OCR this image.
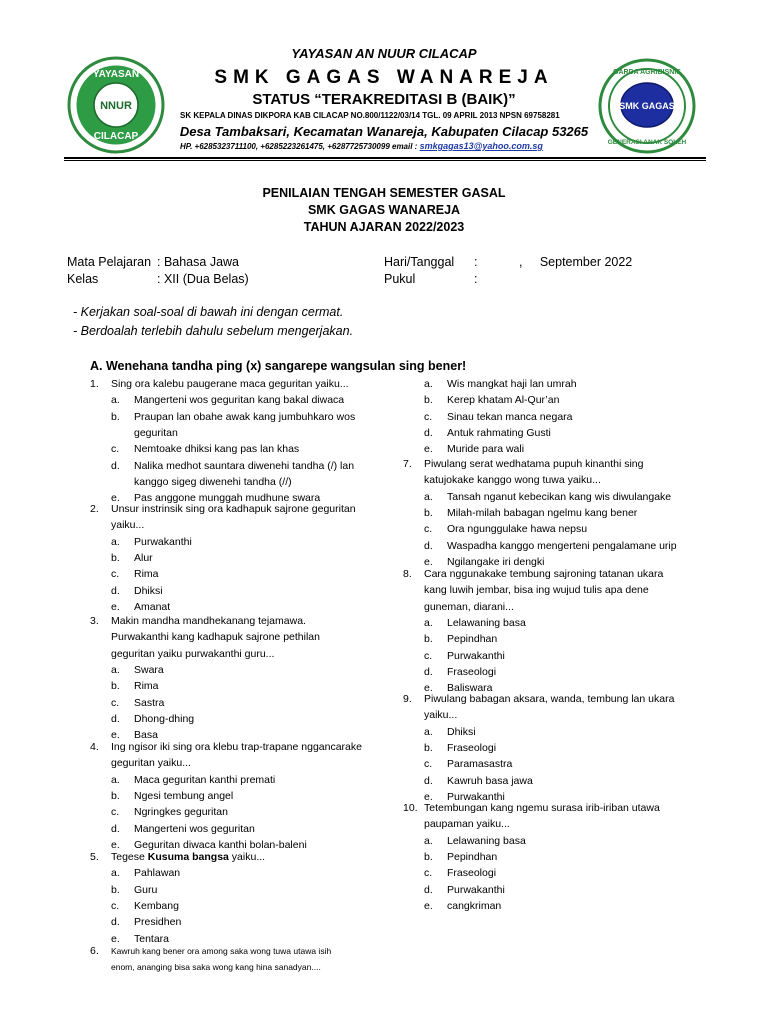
YAYASAN
NNUR
CILACAP
GARDA AGRIBISNIS
SMK GAGAS
GENERASI ANAK SOLEH
YAYASAN AN NUUR CILACAP
SMK GAGAS WANAREJA
STATUS “TERAKREDITASI B (BAIK)”
SK KEPALA DINAS DIKPORA KAB CILACAP NO.800/1122/03/14 TGL. 09 APRIL 2013 NPSN 69758281
Desa Tambaksari, Kecamatan Wanareja, Kabupaten Cilacap 53265
HP. +6285323711100, +6285223261475, +6287725730099 email : smkgagas13@yahoo.com.sg
PENILAIAN TENGAH SEMESTER GASAL
SMK GAGAS WANAREJA
TAHUN AJARAN 2022/2023
Mata Pelajaran : Bahasa Jawa
Kelas	: XII (Dua Belas)
Hari/Tanggal :	,     September 2022
Pukul	:
- Kerjakan soal-soal di bawah ini dengan cermat.
- Berdoalah terlebih dahulu sebelum mengerjakan.
A. Wenehana tandha ping (x) sangarepe wangsulan sing bener!
1. Sing ora kalebu paugerane maca geguritan yaiku...
a. Mangerteni wos geguritan kang bakal diwaca
b. Praupan lan obahe awak kang jumbuhkaro wos
geguritan
c. Nemtoake dhiksi kang pas lan khas
d. Nalika medhot sauntara diwenehi tandha (/) lan
kanggo sigeg diwenehi tandha (//)
e. Pas anggone munggah mudhune swara
2. Unsur instrinsik sing ora kadhapuk sajrone geguritan
yaiku...
a. Purwakanthi
b. Alur
c. Rima
d. Dhiksi
e. Amanat
3. Makin mandha mandhekanang tejamawa.
Purwakanthi kang kadhapuk sajrone pethilan
geguritan yaiku purwakanthi guru...
a. Swara
b. Rima
c. Sastra
d. Dhong-dhing
e. Basa
4. Ing ngisor iki sing ora klebu trap-trapane nggancarake
geguritan yaiku...
a. Maca geguritan kanthi premati
b. Ngesi tembung angel
c. Ngringkes geguritan
d. Mangerteni wos geguritan
e. Geguritan diwaca kanthi bolan-baleni
5. Tegese Kusuma bangsa yaiku...
a. Pahlawan
b. Guru
c. Kembang
d. Presidhen
e. Tentara
6. Kawruh kang bener ora among saka wong tuwa utawa isih
enom, ananging bisa saka wong kang hina sanadyan....
a. Wis mangkat haji lan umrah
b. Kerep khatam Al-Qur’an
c. Sinau tekan manca negara
d. Antuk rahmating Gusti
e. Muride para wali
7. Piwulang serat wedhatama pupuh kinanthi sing
katujokake kanggo wong tuwa yaiku...
a. Tansah nganut kebecikan kang wis diwulangake
b. Milah-milah babagan ngelmu kang bener
c. Ora ngunggulake hawa nepsu
d. Waspadha kanggo mengerteni pengalamane urip
e. Ngilangake iri dengki
8. Cara nggunakake tembung sajroning tatanan ukara
kang luwih jembar, bisa ing wujud tulis apa dene
guneman, diarani...
a. Lelawaning basa
b. Pepindhan
c. Purwakanthi
d. Fraseologi
e. Baliswara
9. Piwulang babagan aksara, wanda, tembung lan ukara
yaiku...
a. Dhiksi
b. Fraseologi
c. Paramasastra
d. Kawruh basa jawa
e. Purwakanthi
10. Tetembungan kang ngemu surasa irib-iriban utawa
paupaman yaiku...
a. Lelawaning basa
b. Pepindhan
c. Fraseologi
d. Purwakanthi
e. cangkriman
